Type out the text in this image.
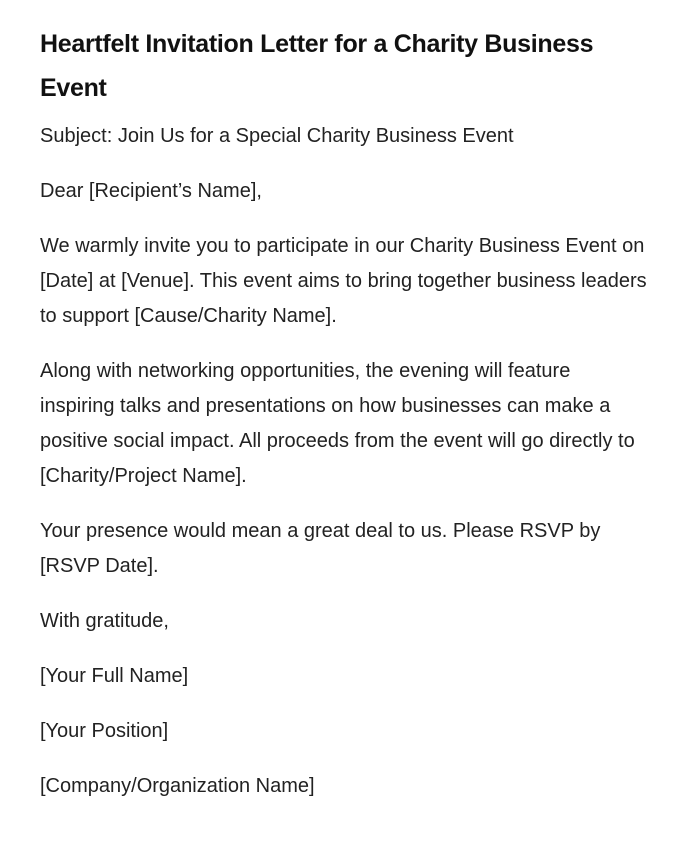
Heartfelt Invitation Letter for a Charity Business Event

Subject: Join Us for a Special Charity Business Event

Dear [Recipient’s Name],

We warmly invite you to participate in our Charity Business Event on [Date] at [Venue]. This event aims to bring together business leaders to support [Cause/Charity Name].

Along with networking opportunities, the evening will feature inspiring talks and presentations on how businesses can make a positive social impact. All proceeds from the event will go directly to [Charity/Project Name].

Your presence would mean a great deal to us. Please RSVP by [RSVP Date].

With gratitude,

[Your Full Name]

[Your Position]

[Company/Organization Name]
